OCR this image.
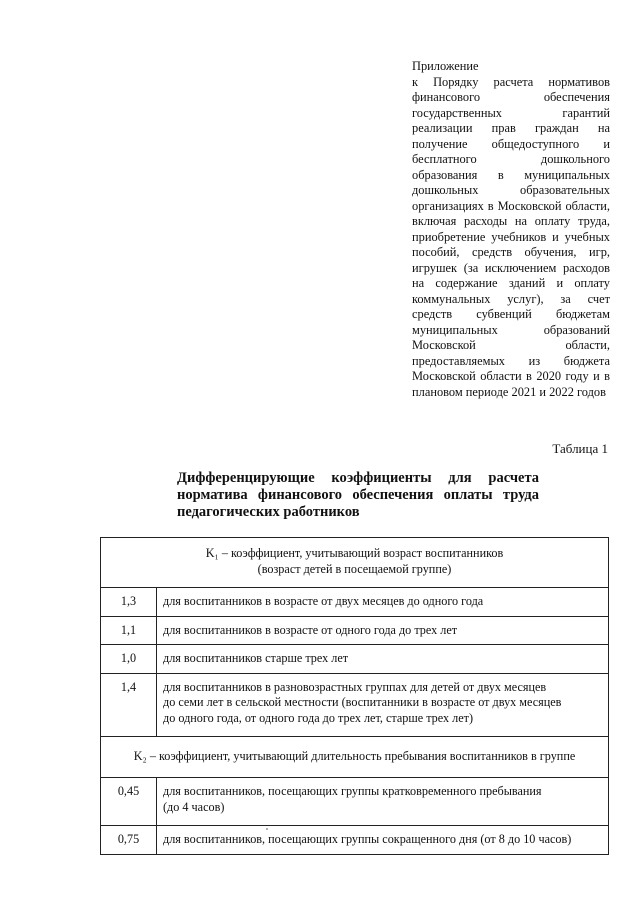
Приложение
к Порядку расчета нормативов финансового обеспечения государственных гарантий реализации прав граждан на получение общедоступного и бесплатного дошкольного образования в муниципальных дошкольных образовательных организациях в Московской области, включая расходы на оплату труда, приобретение учебников и учебных пособий, средств обучения, игр, игрушек (за исключением расходов на содержание зданий и оплату коммунальных услуг), за счет средств субвенций бюджетам муниципальных образований Московской области, предоставляемых из бюджета Московской области в 2020 году и в плановом периоде 2021 и 2022 годов
Таблица 1
Дифференцирующие коэффициенты для расчета норматива финансового обеспечения оплаты труда педагогических работников
K₁ – коэффициент, учитывающий возраст воспитанников
(возраст детей в посещаемой группе)	

1,3	для воспитанников в возрасте от двух месяцев до одного года
1,1	для воспитанников в возрасте от одного года до трех лет
1,0	для воспитанников старше трех лет
1,4	для воспитанников в разновозрастных группах для детей от двух месяцев
до семи лет в сельской местности (воспитанники в возрасте от двух месяцев
до одного года, от одного года до трех лет, старше трех лет)

K₂ – коэффициент, учитывающий длительность пребывания воспитанников в группе	
0,45	для воспитанников, посещающих группы кратковременного пребывания
(до 4 часов)

0,75	для воспитанников, посещающих группы сокращенного дня (от 8 до 10 часов)
